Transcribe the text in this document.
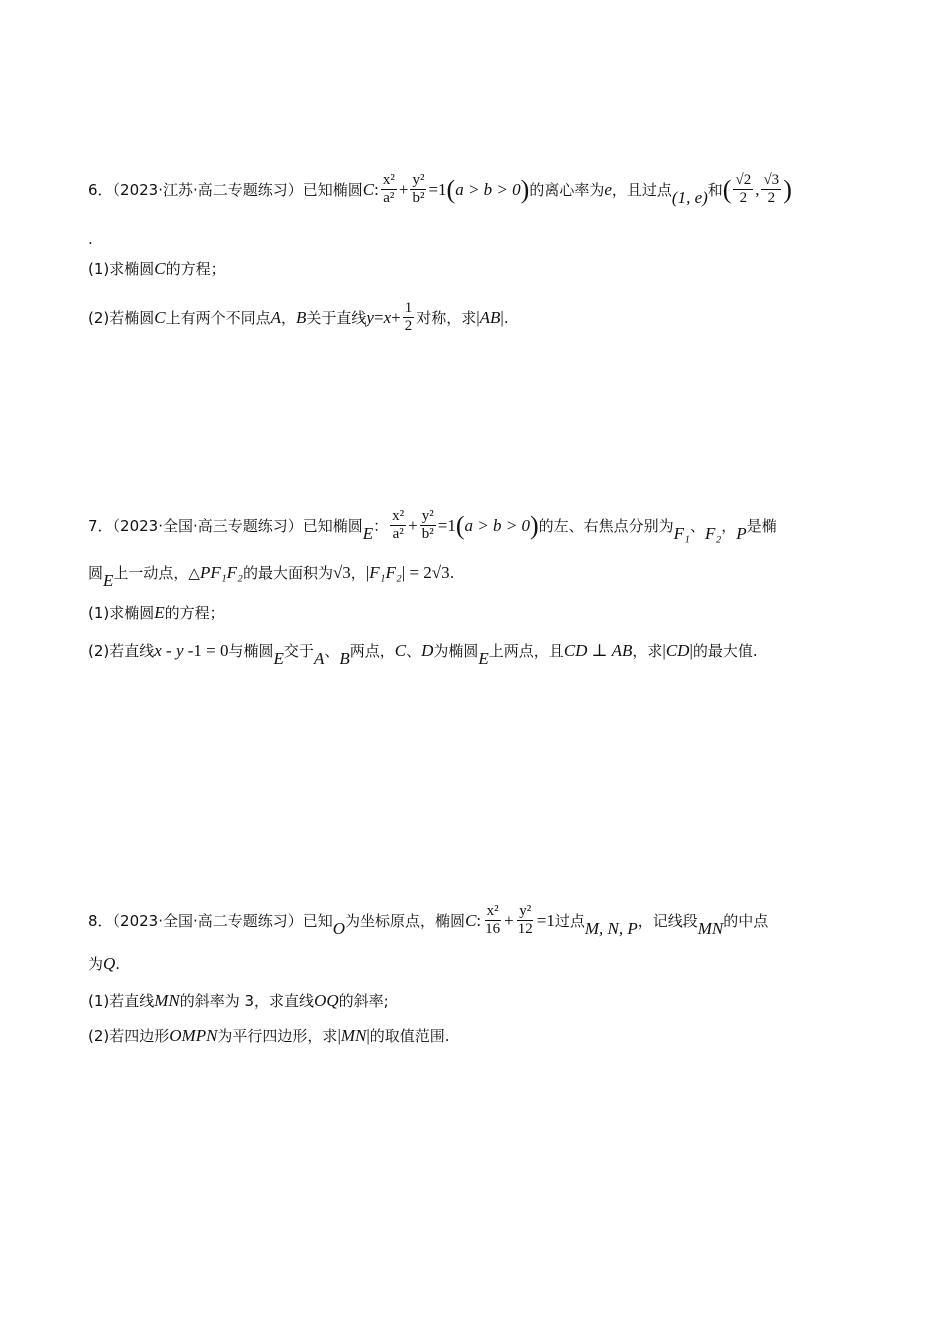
6．（2023·江苏·高二专题练习）已知椭圆 C : $\frac{\text{x²}}{\text{a²}} + \frac{\text{y²}}{\text{b²}} =1$ ( a > b > 0 ) 的离心率为 e ，且过点 (1, e) 和 ( $\frac{√2}{2}$ , $\frac{√3}{2}$ )
.
(1)求椭圆 C 的方程；
(2)若椭圆 C 上有两个不同点 A ， B 关于直线 $y = x + \frac{1}{2}$ 对称，求 | AB | .
7．（2023·全国·高三专题练习）已知椭圆 E ： $\frac{\text{x²}}{\text{a²}} + \frac{\text{y²}}{\text{b²}} =1$ ( a > b > 0 ) 的左、右焦点分别为 F₁ 、 F₂ ， P 是椭
圆 E 上一动点，△ PF₁F₂ 的最大面积为 √3 ， | F₁F₂ | = 2√3 .
(1)求椭圆 E 的方程；
(2)若直线 x - y - 1 = 0 与椭圆 E 交于 A 、 B 两点， C 、 D 为椭圆 E 上两点，且 CD ⊥ AB ，求 | CD | 的最大值.
8．（2023·全国·高二专题练习）已知 O 为坐标原点，椭圆 C : $\frac{\text{x²}}{16} + \frac{\text{y²}}{12} =1$ 过点 M, N, P ，记线段 MN 的中点
为 Q .
(1)若直线 MN 的斜率为 3，求直线 OQ 的斜率;
(2)若四边形 OMPN 为平行四边形，求 | MN | 的取值范围.
